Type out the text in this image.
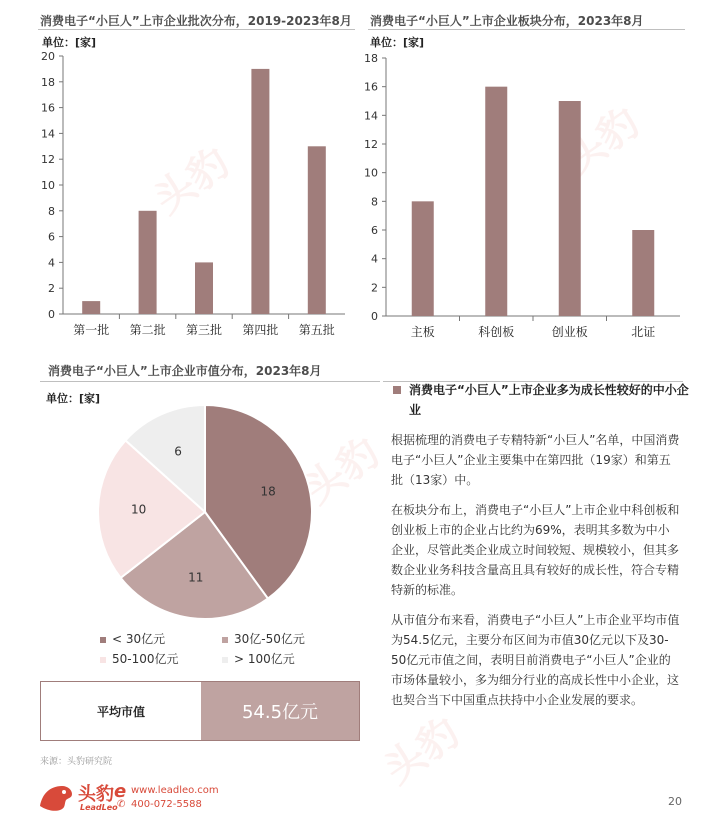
头豹	头豹
头豹
头豹
消费电子“小巨人”上市企业批次分布，2019-2023年8月
单位：[家]
0
2
4
6
8
10
12
14
16
18
20
第一批 第二批 第三批 第四批 第五批
消费电子“小巨人”上市企业板块分布，2023年8月
单位：[家]
0
2
4
6
8
10
12
14
16
18
主板	科创板	创业板	北证
消费电子“小巨人”上市企业市值分布，2023年8月
单位：[家]
18
11
10
6
< 30亿元	30亿-50亿元
50-100亿元	> 100亿元
平均市值	54.5亿元
来源：头豹研究院
消费电子“小巨人”上市企业多为成长性较好的中小企业

根据梳理的消费电子专精特新“小巨人”名单，中国消费电子“小巨人”企业主要集中在第四批（19家）和第五批（13家）中。

在板块分布上，消费电子“小巨人”上市企业中科创板和创业板上市的企业占比约为69%，表明其多数为中小企业，尽管此类企业成立时间较短、规模较小，但其多数企业业务科技含量高且具有较好的成长性，符合专精特新的标准。

从市值分布来看，消费电子“小巨人”上市企业平均市值为54.5亿元，主要分布区间为市值30亿元以下及30-50亿元市值之间，表明目前消费电子“小巨人”企业的市场体量较小，多为细分行业的高成长性中小企业，这也契合当下中国重点扶持中小企业发展的要求。

头豹
LeadLeo
e www.leadleo.com
✆ 400-072-5588	20
